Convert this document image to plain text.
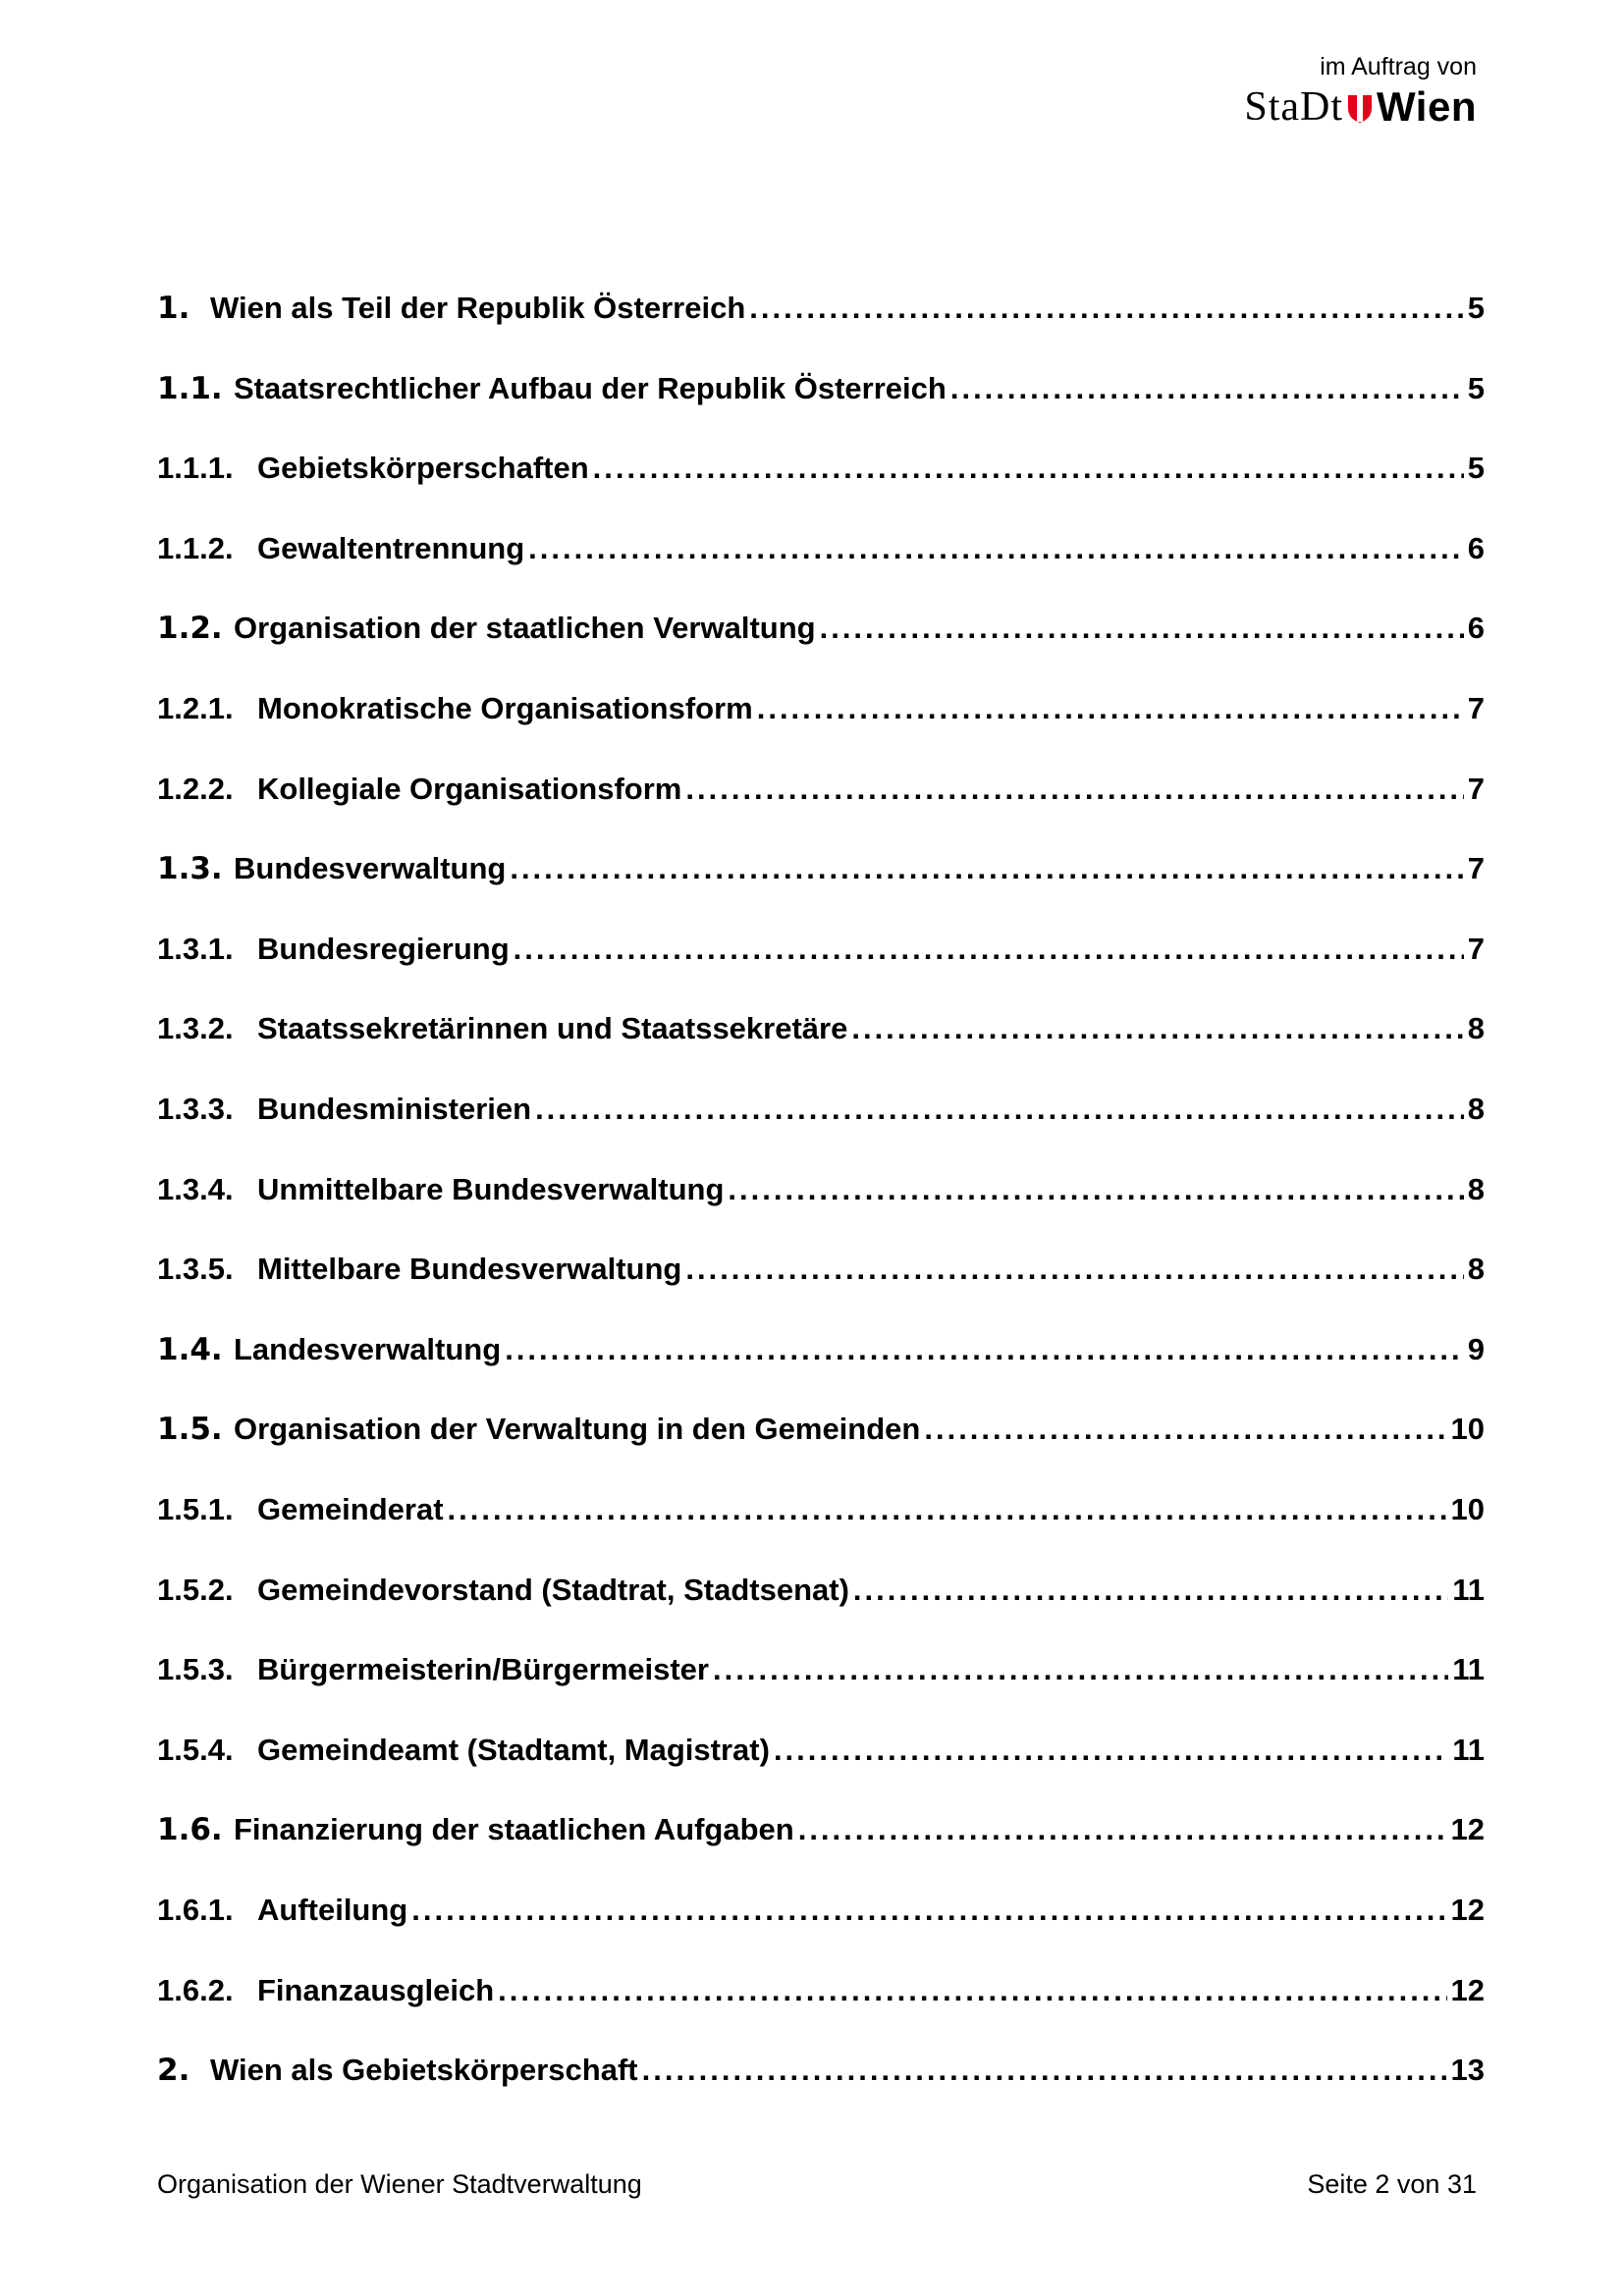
im Auftrag von
StaDt Wien
1. Wien als Teil der Republik Österreich .....	5
1.1. Staatsrechtlicher Aufbau der Republik Österreich .....	5
1.1.1. Gebietskörperschaften .....	5
1.1.2. Gewaltentrennung .....	6
1.2. Organisation der staatlichen Verwaltung .....	6
1.2.1. Monokratische Organisationsform .....	7
1.2.2. Kollegiale Organisationsform .....	7
1.3. Bundesverwaltung .....	7
1.3.1. Bundesregierung .....	7
1.3.2. Staatssekretärinnen und Staatssekretäre .....	8
1.3.3. Bundesministerien .....	8
1.3.4. Unmittelbare Bundesverwaltung .....	8
1.3.5. Mittelbare Bundesverwaltung .....	8
1.4. Landesverwaltung .....	9
1.5. Organisation der Verwaltung in den Gemeinden .....	10
1.5.1. Gemeinderat .....	10
1.5.2. Gemeindevorstand (Stadtrat, Stadtsenat) .....	11
1.5.3. Bürgermeisterin/Bürgermeister .....	11
1.5.4. Gemeindeamt (Stadtamt, Magistrat) .....	11
1.6. Finanzierung der staatlichen Aufgaben .....	12
1.6.1. Aufteilung .....	12
1.6.2. Finanzausgleich .....	12
2. Wien als Gebietskörperschaft .....	13
Organisation der Wiener Stadtverwaltung	Seite 2 von 31
